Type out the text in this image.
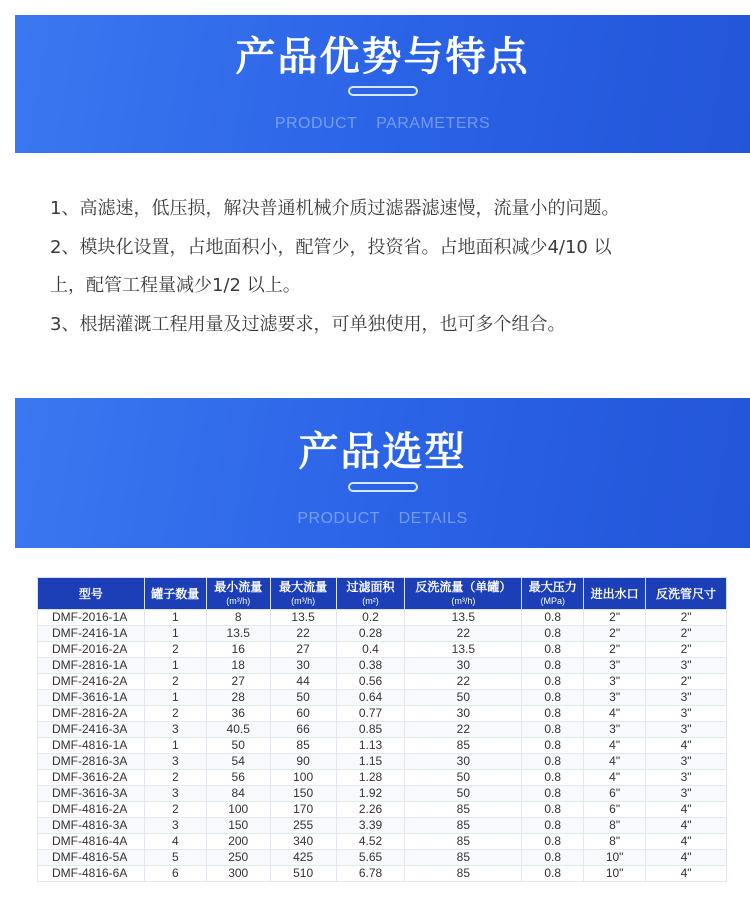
产品优势与特点
PRODUCT PARAMETERS

1、高滤速，低压损，解决普通机械介质过滤器滤速慢，流量小的问题。

2、模块化设置，占地面积小，配管少，投资省。占地面积减少4/10 以

上，配管工程量减少1/2 以上。

3、根据灌溉工程用量及过滤要求，可单独使用，也可多个组合。

产品选型
PRODUCT DETAILS
型号	罐子数量	最小流量
(m³/h)	最大流量
(m³/h)	过滤面积
(m²)	反洗流量（单罐）
(m³/h)	最大压力
(MPa)	进出水口	反洗管尺寸
DMF-2016-1A	1	8	13.5	0.2	13.5	0.8	2"	2"
DMF-2416-1A	1	13.5	22	0.28	22	0.8	2"	2"
DMF-2016-2A	2	16	27	0.4	13.5	0.8	2"	2"
DMF-2816-1A	1	18	30	0.38	30	0.8	3"	3"
DMF-2416-2A	2	27	44	0.56	22	0.8	3"	2"
DMF-3616-1A	1	28	50	0.64	50	0.8	3"	3"
DMF-2816-2A	2	36	60	0.77	30	0.8	4"	3"
DMF-2416-3A	3	40.5	66	0.85	22	0.8	3"	3"
DMF-4816-1A	1	50	85	1.13	85	0.8	4"	4"
DMF-2816-3A	3	54	90	1.15	30	0.8	4"	3"
DMF-3616-2A	2	56	100	1.28	50	0.8	4"	3"
DMF-3616-3A	3	84	150	1.92	50	0.8	6"	3"
DMF-4816-2A	2	100	170	2.26	85	0.8	6"	4"
DMF-4816-3A	3	150	255	3.39	85	0.8	8"	4"
DMF-4816-4A	4	200	340	4.52	85	0.8	8"	4"
DMF-4816-5A	5	250	425	5.65	85	0.8	10"	4"
DMF-4816-6A	6	300	510	6.78	85	0.8	10"	4"
